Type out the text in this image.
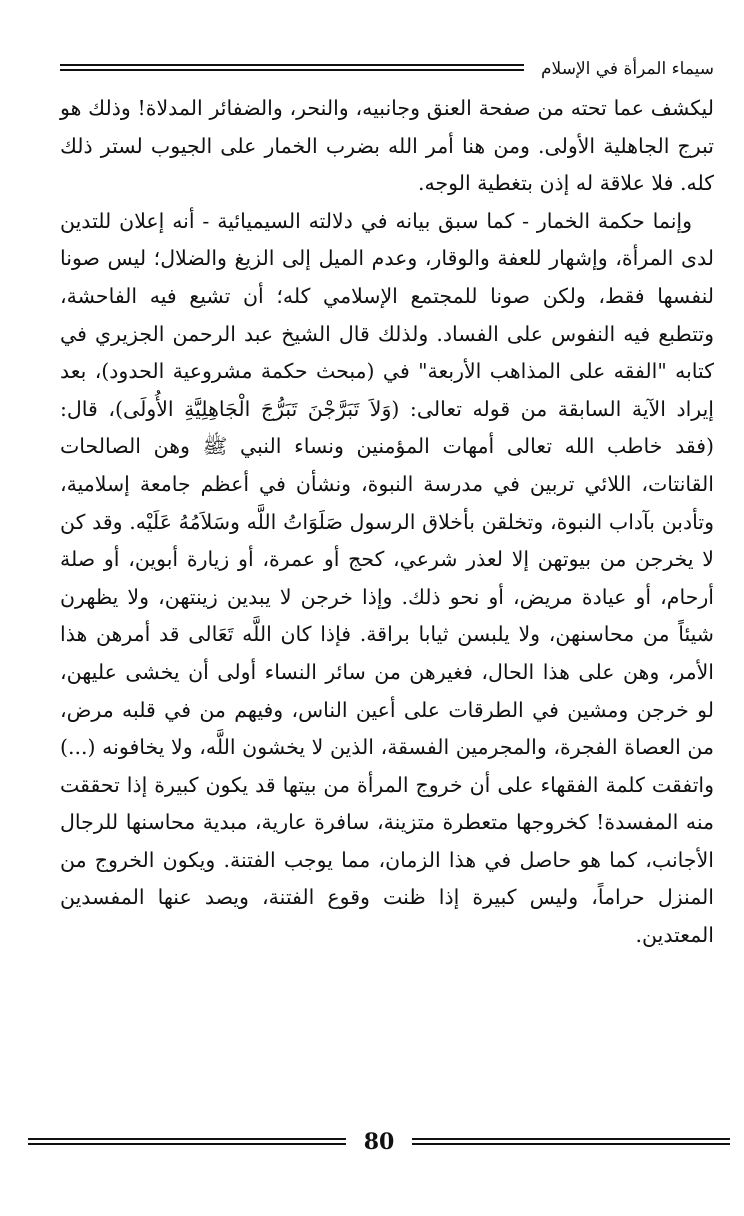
سيماء المرأة في الإسلام

ليكشف عما تحته من صفحة العنق وجانبيه، والنحر، والضفائر المدلاة! وذلك هو تبرج الجاهلية الأولى. ومن هنا أمر الله بضرب الخمار على الجيوب لستر ذلك كله. فلا علاقة له إذن بتغطية الوجه.

وإنما حكمة الخمار - كما سبق بيانه في دلالته السيميائية - أنه إعلان للتدين لدى المرأة، وإشهار للعفة والوقار، وعدم الميل إلى الزيغ والضلال؛ ليس صونا لنفسها فقط، ولكن صونا للمجتمع الإسلامي كله؛ أن تشيع فيه الفاحشة، وتتطبع فيه النفوس على الفساد. ولذلك قال الشيخ عبد الرحمن الجزيري في كتابه "الفقه على المذاهب الأربعة" في (مبحث حكمة مشروعية الحدود)، بعد إيراد الآية السابقة من قوله تعالى: (وَلاَ تَبَرَّجْنَ تَبَرُّجَ الْجَاهِلِيَّةِ الأُولَى)، قال: (فقد خاطب الله تعالى أمهات المؤمنين ونساء النبي ﷺ وهن الصالحات القانتات، اللائي تربين في مدرسة النبوة، ونشأن في أعظم جامعة إسلامية، وتأدبن بآداب النبوة، وتخلقن بأخلاق الرسول صَلَوَاتُ اللَّه وسَلاَمُهُ عَلَيْه. وقد كن لا يخرجن من بيوتهن إلا لعذر شرعي، كحج أو عمرة، أو زيارة أبوين، أو صلة أرحام، أو عيادة مريض، أو نحو ذلك. وإذا خرجن لا يبدين زينتهن، ولا يظهرن شيئاً من محاسنهن، ولا يلبسن ثيابا براقة. فإذا كان اللَّه تَعَالى قد أمرهن هذا الأمر، وهن على هذا الحال، فغيرهن من سائر النساء أولى أن يخشى عليهن، لو خرجن ومشين في الطرقات على أعين الناس، وفيهم من في قلبه مرض، من العصاة الفجرة، والمجرمين الفسقة، الذين لا يخشون اللَّه، ولا يخافونه (...) واتفقت كلمة الفقهاء على أن خروج المرأة من بيتها قد يكون كبيرة إذا تحققت منه المفسدة! كخروجها متعطرة متزينة، سافرة عارية، مبدية محاسنها للرجال الأجانب، كما هو حاصل في هذا الزمان، مما يوجب الفتنة. ويكون الخروج من المنزل حراماً، وليس كبيرة إذا ظنت وقوع الفتنة، ويصد عنها المفسدين المعتدين.

80
